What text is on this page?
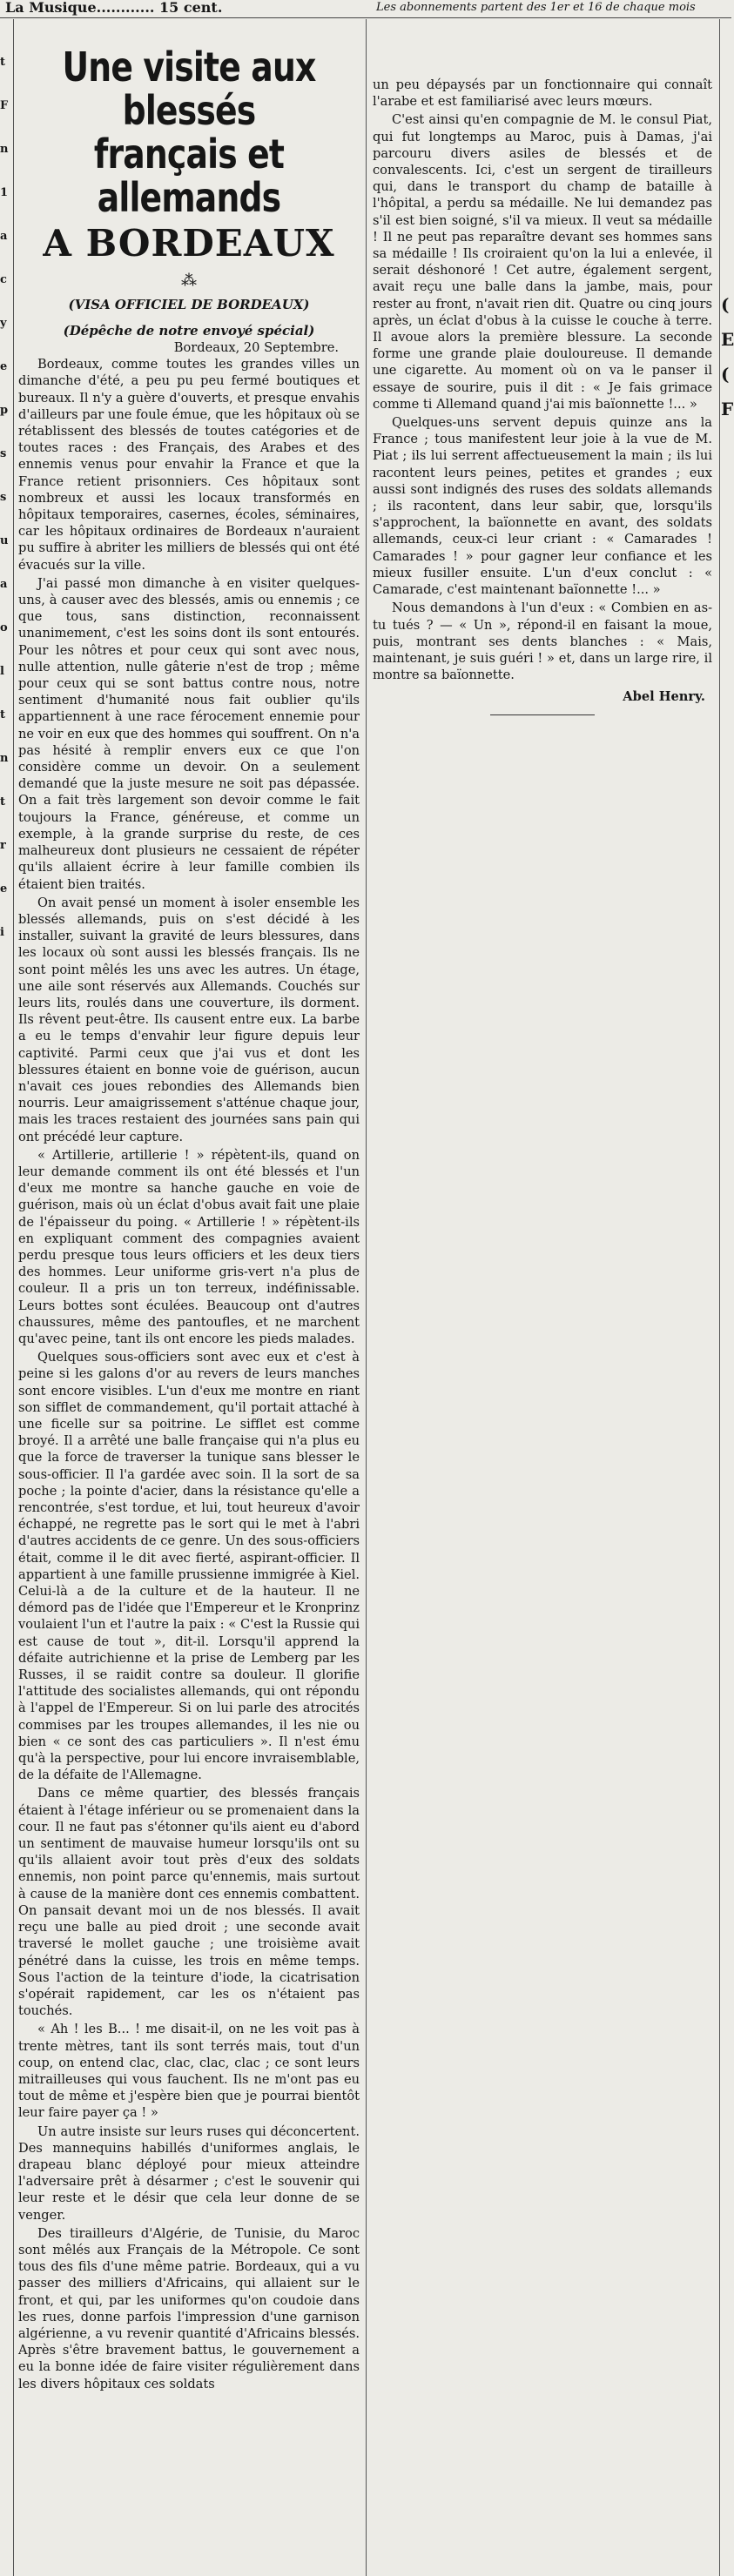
La Musique............ 15 cent.	Les abonnements partent des 1er et 16 de chaque mois
t
F
n
1
a
c
y
e
p
s
s
u
a
o
l
t
n
t
r
e
i
Une visite aux blessés français et allemands
A BORDEAUX
⁂
(VISA OFFICIEL DE BORDEAUX)
(Dépêche de notre envoyé spécial)
Bordeaux, 20 Septembre.

Bordeaux, comme toutes les grandes villes un dimanche d'été, a peu pu peu fermé boutiques et bureaux. Il n'y a guère d'ouverts, et presque envahis d'ailleurs par une foule émue, que les hôpitaux où se rétablissent des blessés de toutes catégories et de toutes races : des Français, des Arabes et des ennemis venus pour envahir la France et que la France retient prisonniers. Ces hôpitaux sont nombreux et aussi les locaux transformés en hôpitaux temporaires, casernes, écoles, séminaires, car les hôpitaux ordinaires de Bordeaux n'auraient pu suffire à abriter les milliers de blessés qui ont été évacués sur la ville.

J'ai passé mon dimanche à en visiter quelques-uns, à causer avec des blessés, amis ou ennemis ; ce que tous, sans distinction, reconnaissent unanimement, c'est les soins dont ils sont entourés. Pour les nôtres et pour ceux qui sont avec nous, nulle attention, nulle gâterie n'est de trop ; même pour ceux qui se sont battus contre nous, notre sentiment d'humanité nous fait oublier qu'ils appartiennent à une race férocement ennemie pour ne voir en eux que des hommes qui souffrent. On n'a pas hésité à remplir envers eux ce que l'on considère comme un devoir. On a seulement demandé que la juste mesure ne soit pas dépassée. On a fait très largement son devoir comme le fait toujours la France, généreuse, et comme un exemple, à la grande surprise du reste, de ces malheureux dont plusieurs ne cessaient de répéter qu'ils allaient écrire à leur famille combien ils étaient bien traités.

On avait pensé un moment à isoler ensemble les blessés allemands, puis on s'est décidé à les installer, suivant la gravité de leurs blessures, dans les locaux où sont aussi les blessés français. Ils ne sont point mêlés les uns avec les autres. Un étage, une aile sont réservés aux Allemands. Couchés sur leurs lits, roulés dans une couverture, ils dorment. Ils rêvent peut-être. Ils causent entre eux. La barbe a eu le temps d'envahir leur figure depuis leur captivité. Parmi ceux que j'ai vus et dont les blessures étaient en bonne voie de guérison, aucun n'avait ces joues rebondies des Allemands bien nourris. Leur amaigrissement s'atténue chaque jour, mais les traces restaient des journées sans pain qui ont précédé leur capture.

« Artillerie, artillerie ! » répètent-ils, quand on leur demande comment ils ont été blessés et l'un d'eux me montre sa hanche gauche en voie de guérison, mais où un éclat d'obus avait fait une plaie de l'épaisseur du poing. « Artillerie ! » répètent-ils en expliquant comment des compagnies avaient perdu presque tous leurs officiers et les deux tiers des hommes. Leur uniforme gris-vert n'a plus de couleur. Il a pris un ton terreux, indéfinissable. Leurs bottes sont éculées. Beaucoup ont d'autres chaussures, même des pantoufles, et ne marchent qu'avec peine, tant ils ont encore les pieds malades.

Quelques sous-officiers sont avec eux et c'est à peine si les galons d'or au revers de leurs manches sont encore visibles. L'un d'eux me montre en riant son sifflet de commandement, qu'il portait attaché à une ficelle sur sa poitrine. Le sifflet est comme broyé. Il a arrêté une balle française qui n'a plus eu que la force de traverser la tunique sans blesser le sous-officier. Il l'a gardée avec soin. Il la sort de sa poche ; la pointe d'acier, dans la résistance qu'elle a rencontrée, s'est tordue, et lui, tout heureux d'avoir échappé, ne regrette pas le sort qui le met à l'abri d'autres accidents de ce genre. Un des sous-officiers était, comme il le dit avec fierté, aspirant-officier. Il appartient à une famille prussienne immigrée à Kiel. Celui-là a de la culture et de la hauteur. Il ne démord pas de l'idée que l'Empereur et le Kronprinz voulaient l'un et l'autre la paix : « C'est la Russie qui est cause de tout », dit-il. Lorsqu'il apprend la défaite autrichienne et la prise de Lemberg par les Russes, il se raidit contre sa douleur. Il glorifie l'attitude des socialistes allemands, qui ont répondu à l'appel de l'Empereur. Si on lui parle des atrocités commises par les troupes allemandes, il les nie ou bien « ce sont des cas particuliers ». Il n'est ému qu'à la perspective, pour lui encore invraisemblable, de la défaite de l'Allemagne.

Dans ce même quartier, des blessés français étaient à l'étage inférieur ou se promenaient dans la cour. Il ne faut pas s'étonner qu'ils aient eu d'abord un sentiment de mauvaise humeur lorsqu'ils ont su qu'ils allaient avoir tout près d'eux des soldats ennemis, non point parce qu'ennemis, mais surtout à cause de la manière dont ces ennemis combattent. On pansait devant moi un de nos blessés. Il avait reçu une balle au pied droit ; une seconde avait traversé le mollet gauche ; une troisième avait pénétré dans la cuisse, les trois en même temps. Sous l'action de la teinture d'iode, la cicatrisation s'opérait rapidement, car les os n'étaient pas touchés.

« Ah ! les B... ! me disait-il, on ne les voit pas à trente mètres, tant ils sont terrés mais, tout d'un coup, on entend clac, clac, clac, clac ; ce sont leurs mitrailleuses qui vous fauchent. Ils ne m'ont pas eu tout de même et j'espère bien que je pourrai bientôt leur faire payer ça ! »

Un autre insiste sur leurs ruses qui déconcertent. Des mannequins habillés d'uniformes anglais, le drapeau blanc déployé pour mieux atteindre l'adversaire prêt à désarmer ; c'est le souvenir qui leur reste et le désir que cela leur donne de se venger.

Des tirailleurs d'Algérie, de Tunisie, du Maroc sont mêlés aux Français de la Métropole. Ce sont tous des fils d'une même patrie. Bordeaux, qui a vu passer des milliers d'Africains, qui allaient sur le front, et qui, par les uniformes qu'on coudoie dans les rues, donne parfois l'impression d'une garnison algérienne, a vu revenir quantité d'Africains blessés. Après s'être bravement battus, le gouvernement a eu la bonne idée de faire visiter régulièrement dans les divers hôpitaux ces soldats

un peu dépaysés par un fonctionnaire qui connaît l'arabe et est familiarisé avec leurs mœurs.

C'est ainsi qu'en compagnie de M. le consul Piat, qui fut longtemps au Maroc, puis à Damas, j'ai parcouru divers asiles de blessés et de convalescents. Ici, c'est un sergent de tirailleurs qui, dans le transport du champ de bataille à l'hôpital, a perdu sa médaille. Ne lui demandez pas s'il est bien soigné, s'il va mieux. Il veut sa médaille ! Il ne peut pas reparaître devant ses hommes sans sa médaille ! Ils croiraient qu'on la lui a enlevée, il serait déshonoré ! Cet autre, également sergent, avait reçu une balle dans la jambe, mais, pour rester au front, n'avait rien dit. Quatre ou cinq jours après, un éclat d'obus à la cuisse le couche à terre. Il avoue alors la première blessure. La seconde forme une grande plaie douloureuse. Il demande une cigarette. Au moment où on va le panser il essaye de sourire, puis il dit : « Je fais grimace comme ti Allemand quand j'ai mis baïonnette !... »

Quelques-uns servent depuis quinze ans la France ; tous manifestent leur joie à la vue de M. Piat ; ils lui serrent affectueusement la main ; ils lui racontent leurs peines, petites et grandes ; eux aussi sont indignés des ruses des soldats allemands ; ils racontent, dans leur sabir, que, lorsqu'ils s'approchent, la baïonnette en avant, des soldats allemands, ceux-ci leur criant : « Camarades ! Camarades ! » pour gagner leur confiance et les mieux fusiller ensuite. L'un d'eux conclut : « Camarade, c'est maintenant baïonnette !... »

Nous demandons à l'un d'eux : « Combien en as-tu tués ? — « Un », répond-il en faisant la moue, puis, montrant ses dents blanches : « Mais, maintenant, je suis guéri ! » et, dans un large rire, il montre sa baïonnette.

Abel Henry.
(
E
(
F
